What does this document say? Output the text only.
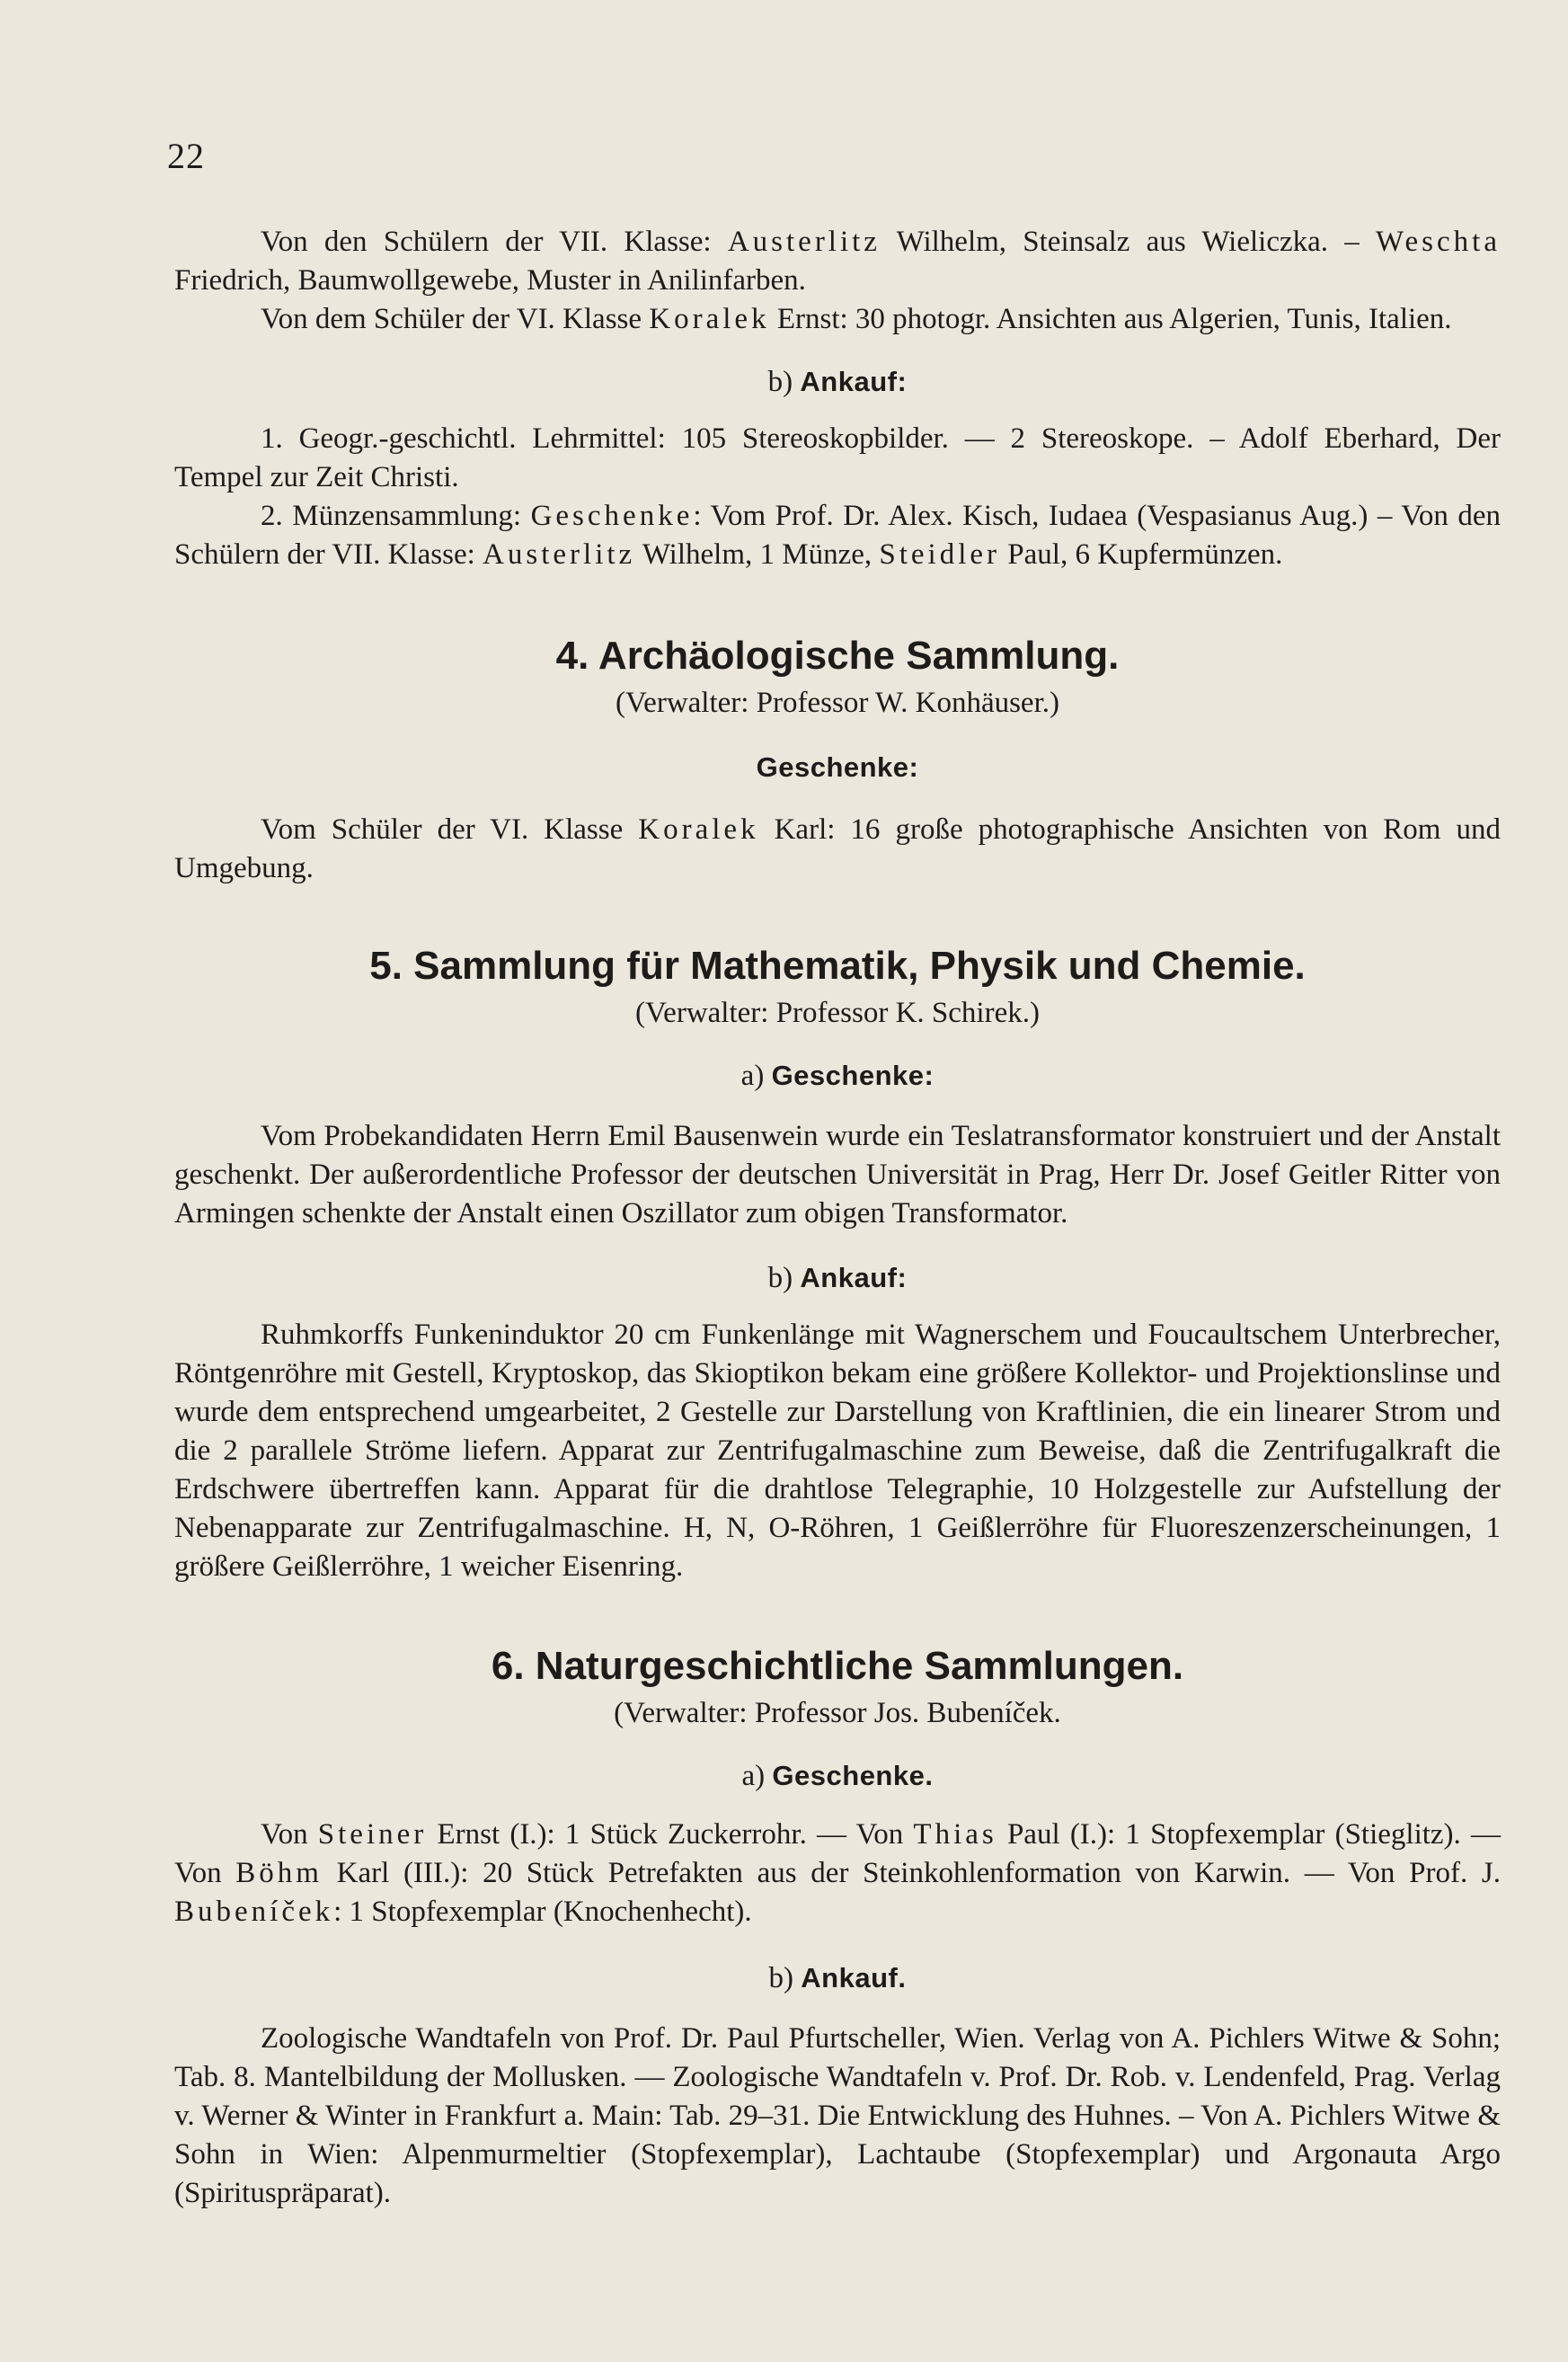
22

Von den Schülern der VII. Klasse: Austerlitz Wilhelm, Steinsalz aus Wieliczka. – Weschta Friedrich, Baumwollgewebe, Muster in Anilinfarben.

Von dem Schüler der VI. Klasse Koralek Ernst: 30 photogr. Ansichten aus Algerien, Tunis, Italien.

b) Ankauf:

1. Geogr.-geschichtl. Lehrmittel: 105 Stereoskopbilder. — 2 Stereoskope. – Adolf Eberhard, Der Tempel zur Zeit Christi.

2. Münzensammlung: Geschenke: Vom Prof. Dr. Alex. Kisch, Iudaea (Vespasianus Aug.) – Von den Schülern der VII. Klasse: Austerlitz Wilhelm, 1 Münze, Steidler Paul, 6 Kupfermünzen.

4. Archäologische Sammlung.
(Verwalter: Professor W. Konhäuser.)
Geschenke:

Vom Schüler der VI. Klasse Koralek Karl: 16 große photographische Ansichten von Rom und Umgebung.

5. Sammlung für Mathematik, Physik und Chemie.
(Verwalter: Professor K. Schirek.)
a) Geschenke:

Vom Probekandidaten Herrn Emil Bausenwein wurde ein Teslatransformator konstruiert und der Anstalt geschenkt. Der außerordentliche Professor der deutschen Universität in Prag, Herr Dr. Josef Geitler Ritter von Armingen schenkte der Anstalt einen Oszillator zum obigen Transformator.

b) Ankauf:

Ruhmkorffs Funkeninduktor 20 cm Funkenlänge mit Wagnerschem und Foucaultschem Unterbrecher, Röntgenröhre mit Gestell, Kryptoskop, das Skioptikon bekam eine größere Kollektor- und Projektionslinse und wurde dem entsprechend umgearbeitet, 2 Gestelle zur Darstellung von Kraftlinien, die ein linearer Strom und die 2 parallele Ströme liefern. Apparat zur Zentrifugalmaschine zum Beweise, daß die Zentrifugalkraft die Erdschwere übertreffen kann. Apparat für die drahtlose Telegraphie, 10 Holzgestelle zur Aufstellung der Nebenapparate zur Zentrifugalmaschine. H, N, O-Röhren, 1 Geißlerröhre für Fluoreszenzerscheinungen, 1 größere Geißlerröhre, 1 weicher Eisenring.

6. Naturgeschichtliche Sammlungen.
(Verwalter: Professor Jos. Bubeníček.
a) Geschenke.

Von Steiner Ernst (I.): 1 Stück Zuckerrohr. — Von Thias Paul (I.): 1 Stopfexemplar (Stieglitz). — Von Böhm Karl (III.): 20 Stück Petrefakten aus der Steinkohlenformation von Karwin. — Von Prof. J. Bubeníček: 1 Stopfexemplar (Knochenhecht).

b) Ankauf.

Zoologische Wandtafeln von Prof. Dr. Paul Pfurtscheller, Wien. Verlag von A. Pichlers Witwe & Sohn; Tab. 8. Mantelbildung der Mollusken. — Zoologische Wandtafeln v. Prof. Dr. Rob. v. Lendenfeld, Prag. Verlag v. Werner & Winter in Frankfurt a. Main: Tab. 29–31. Die Entwicklung des Huhnes. – Von A. Pichlers Witwe & Sohn in Wien: Alpenmurmeltier (Stopfexemplar), Lachtaube (Stopfexemplar) und Argonauta Argo (Spirituspräparat).
